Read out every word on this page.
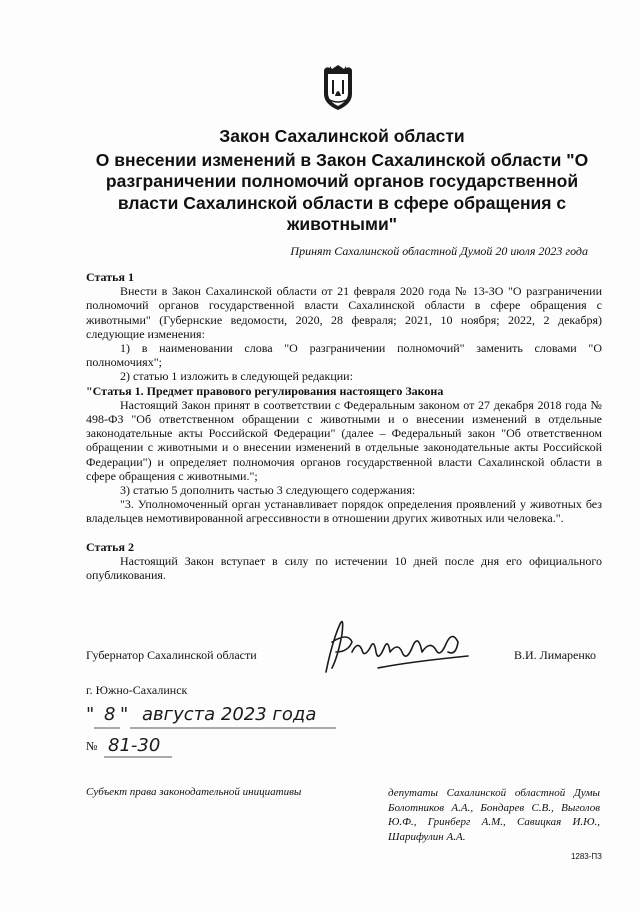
Закон Сахалинской области
О внесении изменений в Закон Сахалинской области "О разграничении полномочий органов государственной власти Сахалинской области в сфере обращения с животными"
Принят Сахалинской областной Думой 20 июля 2023 года

Статья 1

Внести в Закон Сахалинской области от 21 февраля 2020 года № 13-ЗО "О разграничении полномочий органов государственной власти Сахалинской области в сфере обращения с животными" (Губернские ведомости, 2020, 28 февраля; 2021, 10 ноября; 2022, 2 декабря) следующие изменения:

1) в наименовании слова "О разграничении полномочий" заменить словами "О полномочиях";

2) статью 1 изложить в следующей редакции:

"Статья 1. Предмет правового регулирования настоящего Закона

Настоящий Закон принят в соответствии с Федеральным законом от 27 декабря 2018 года № 498-ФЗ "Об ответственном обращении с животными и о внесении изменений в отдельные законодательные акты Российской Федерации" (далее – Федеральный закон "Об ответственном обращении с животными и о внесении изменений в отдельные законодательные акты Российской Федерации") и определяет полномочия органов государственной власти Сахалинской области в сфере обращения с животными.";

3) статью 5 дополнить частью 3 следующего содержания:

"3. Уполномоченный орган устанавливает порядок определения проявлений у животных без владельцев немотивированной агрессивности в отношении других животных или человека.".

Статья 2

Настоящий Закон вступает в силу по истечении 10 дней после дня его официального опубликования.

Губернатор Сахалинской области	В.И. Лимаренко
г. Южно-Сахалинск
" 8 " августа 2023 года
№ 81-30
Субъект права законодательной инициативы	депутаты Сахалинской областной Думы Болотников А.А., Бондарев С.В., Выголов Ю.Ф., Гринберг А.М., Савицкая И.Ю., Шарифулин А.А.
1283-ПЗ
